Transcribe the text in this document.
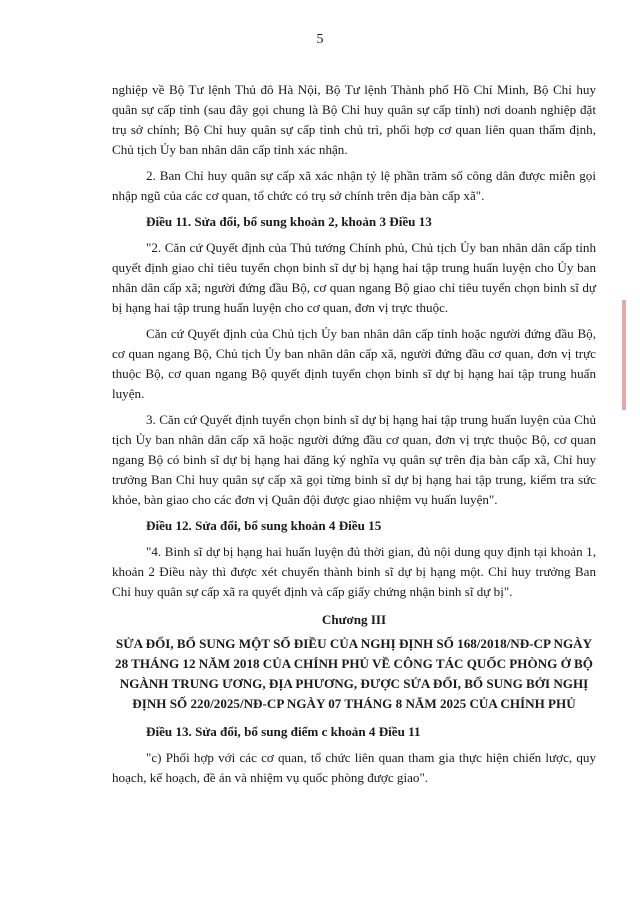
5

nghiệp về Bộ Tư lệnh Thủ đô Hà Nội, Bộ Tư lệnh Thành phố Hồ Chí Minh, Bộ Chỉ huy quân sự cấp tỉnh (sau đây gọi chung là Bộ Chỉ huy quân sự cấp tỉnh) nơi doanh nghiệp đặt trụ sở chính; Bộ Chỉ huy quân sự cấp tỉnh chủ trì, phối hợp cơ quan liên quan thẩm định, Chủ tịch Ủy ban nhân dân cấp tỉnh xác nhận.

2. Ban Chỉ huy quân sự cấp xã xác nhận tỷ lệ phần trăm số công dân được miễn gọi nhập ngũ của các cơ quan, tổ chức có trụ sở chính trên địa bàn cấp xã".

Điều 11. Sửa đổi, bổ sung khoản 2, khoản 3 Điều 13

"2. Căn cứ Quyết định của Thủ tướng Chính phủ, Chủ tịch Ủy ban nhân dân cấp tỉnh quyết định giao chỉ tiêu tuyển chọn binh sĩ dự bị hạng hai tập trung huấn luyện cho Ủy ban nhân dân cấp xã; người đứng đầu Bộ, cơ quan ngang Bộ giao chỉ tiêu tuyển chọn binh sĩ dự bị hạng hai tập trung huấn luyện cho cơ quan, đơn vị trực thuộc.

Căn cứ Quyết định của Chủ tịch Ủy ban nhân dân cấp tỉnh hoặc người đứng đầu Bộ, cơ quan ngang Bộ, Chủ tịch Ủy ban nhân dân cấp xã, người đứng đầu cơ quan, đơn vị trực thuộc Bộ, cơ quan ngang Bộ quyết định tuyển chọn binh sĩ dự bị hạng hai tập trung huấn luyện.

3. Căn cứ Quyết định tuyển chọn binh sĩ dự bị hạng hai tập trung huấn luyện của Chủ tịch Ủy ban nhân dân cấp xã hoặc người đứng đầu cơ quan, đơn vị trực thuộc Bộ, cơ quan ngang Bộ có binh sĩ dự bị hạng hai đăng ký nghĩa vụ quân sự trên địa bàn cấp xã, Chỉ huy trưởng Ban Chỉ huy quân sự cấp xã gọi từng binh sĩ dự bị hạng hai tập trung, kiểm tra sức khỏe, bàn giao cho các đơn vị Quân đội được giao nhiệm vụ huấn luyện".

Điều 12. Sửa đổi, bổ sung khoản 4 Điều 15

"4. Binh sĩ dự bị hạng hai huấn luyện đủ thời gian, đủ nội dung quy định tại khoản 1, khoản 2 Điều này thì được xét chuyển thành binh sĩ dự bị hạng một. Chỉ huy trưởng Ban Chỉ huy quân sự cấp xã ra quyết định và cấp giấy chứng nhận binh sĩ dự bị".

Chương III

SỬA ĐỔI, BỔ SUNG MỘT SỐ ĐIỀU CỦA NGHỊ ĐỊNH SỐ 168/2018/NĐ-CP NGÀY 28 THÁNG 12 NĂM 2018 CỦA CHÍNH PHỦ VỀ CÔNG TÁC QUỐC PHÒNG Ở BỘ NGÀNH TRUNG ƯƠNG, ĐỊA PHƯƠNG, ĐƯỢC SỬA ĐỔI, BỔ SUNG BỞI NGHỊ ĐỊNH SỐ 220/2025/NĐ-CP NGÀY 07 THÁNG 8 NĂM 2025 CỦA CHÍNH PHỦ

Điều 13. Sửa đổi, bổ sung điểm c khoản 4 Điều 11

"c) Phối hợp với các cơ quan, tổ chức liên quan tham gia thực hiện chiến lược, quy hoạch, kế hoạch, đề án và nhiệm vụ quốc phòng được giao".
